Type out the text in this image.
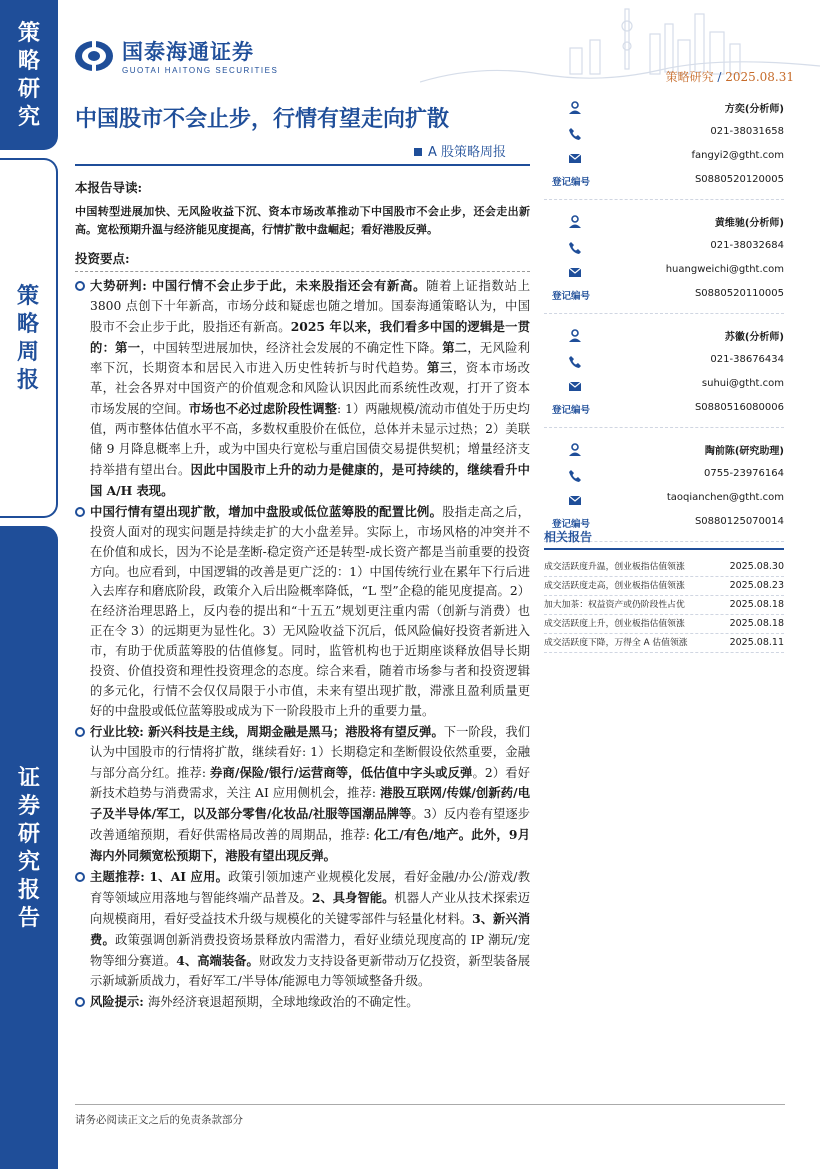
策
略
研
究
策
略
周
报
证
券
研
究
报
告
国泰海通证券
GUOTAI HAITONG SECURITIES	策略研究 / 2025.08.31
中国股市不会止步，行情有望走向扩散
A 股策略周报
本报告导读:
中国转型进展加快、无风险收益下沉、资本市场改革推动下中国股市不会止步，还会走出新高。宽松预期升温与经济能见度提高，行情扩散中盘崛起；看好港股反弹。
投资要点:
大势研判: 中国行情不会止步于此，未来股指还会有新高。随着上证指数站上 3800 点创下十年新高，市场分歧和疑虑也随之增加。国泰海通策略认为，中国股市不会止步于此，股指还有新高。2025 年以来，我们看多中国的逻辑是一贯的：第一，中国转型进展加快，经济社会发展的不确定性下降。第二，无风险利率下沉，长期资本和居民入市进入历史性转折与时代趋势。第三，资本市场改革，社会各界对中国资产的价值观念和风险认识因此而系统性改观，打开了资本市场发展的空间。市场也不必过虑阶段性调整: 1）两融规模/流动市值处于历史均值，两市整体估值水平不高，多数权重股价在低位，总体并未显示过热；2）美联储 9 月降息概率上升，或为中国央行宽松与重启国债交易提供契机；增量经济支持举措有望出台。因此中国股市上升的动力是健康的，是可持续的，继续看升中国 A/H 表现。
中国行情有望出现扩散，增加中盘股或低位蓝筹股的配置比例。股指走高之后，投资人面对的现实问题是持续走扩的大小盘差异。实际上，市场风格的冲突并不在价值和成长，因为不论是垄断-稳定资产还是转型-成长资产都是当前重要的投资方向。也应看到，中国逻辑的改善是更广泛的：1）中国传统行业在累年下行后进入去库存和磨底阶段，政策介入后出险概率降低，“L 型”企稳的能见度提高。2）在经济治理思路上，反内卷的提出和“十五五”规划更注重内需（创新与消费）也正在令 3）的远期更为显性化。3）无风险收益下沉后，低风险偏好投资者新进入市，有助于优质蓝筹股的估值修复。同时，监管机构也于近期座谈释放倡导长期投资、价值投资和理性投资理念的态度。综合来看，随着市场参与者和投资逻辑的多元化，行情不会仅仅局限于小市值，未来有望出现扩散，滞涨且盈利质量更好的中盘股或低位蓝筹股或成为下一阶段股市上升的重要力量。
行业比较: 新兴科技是主线，周期金融是黑马；港股将有望反弹。下一阶段，我们认为中国股市的行情将扩散，继续看好: 1）长期稳定和垄断假设依然重要，金融与部分高分红。推荐: 券商/保险/银行/运营商等，低估值中字头或反弹。2）看好新技术趋势与消费需求，关注 AI 应用侧机会，推荐: 港股互联网/传媒/创新药/电子及半导体/军工，以及部分零售/化妆品/社服等国潮品牌等。3）反内卷有望逐步改善通缩预期，看好供需格局改善的周期品，推荐: 化工/有色/地产。此外，9月海内外同频宽松预期下，港股有望出现反弹。
主题推荐: 1、AI 应用。政策引领加速产业规模化发展，看好金融/办公/游戏/教育等领域应用落地与智能终端产品普及。2、具身智能。机器人产业从技术探索迈向规模商用，看好受益技术升级与规模化的关键零部件与轻量化材料。3、新兴消费。政策强调创新消费投资场景释放内需潜力，看好业绩兑现度高的 IP 潮玩/宠物等细分赛道。4、高端装备。财政发力支持设备更新带动万亿投资，新型装备展示新域新质战力，看好军工/半导体/能源电力等领域整备升级。
风险提示: 海外经济衰退超预期，全球地缘政治的不确定性。
方奕(分析师)
021-38031658
fangyi2@gtht.com
登记编号	S0880520120005
黄维驰(分析师)
021-38032684
huangweichi@gtht.com
登记编号	S0880520110005
苏徽(分析师)
021-38676434
suhui@gtht.com
登记编号	S0880516080006
陶前陈(研究助理)
0755-23976164
taoqianchen@gtht.com
登记编号	S0880125070014
相关报告
成交活跃度升温，创业板指估值领涨	2025.08.30
成交活跃度走高，创业板指估值领涨	2025.08.23
加大加茶：权益资产或仍阶段性占优	2025.08.18
成交活跃度上升，创业板指估值领涨	2025.08.18
成交活跃度下降，万得全 A 估值领涨	2025.08.11
请务必阅读正文之后的免责条款部分
